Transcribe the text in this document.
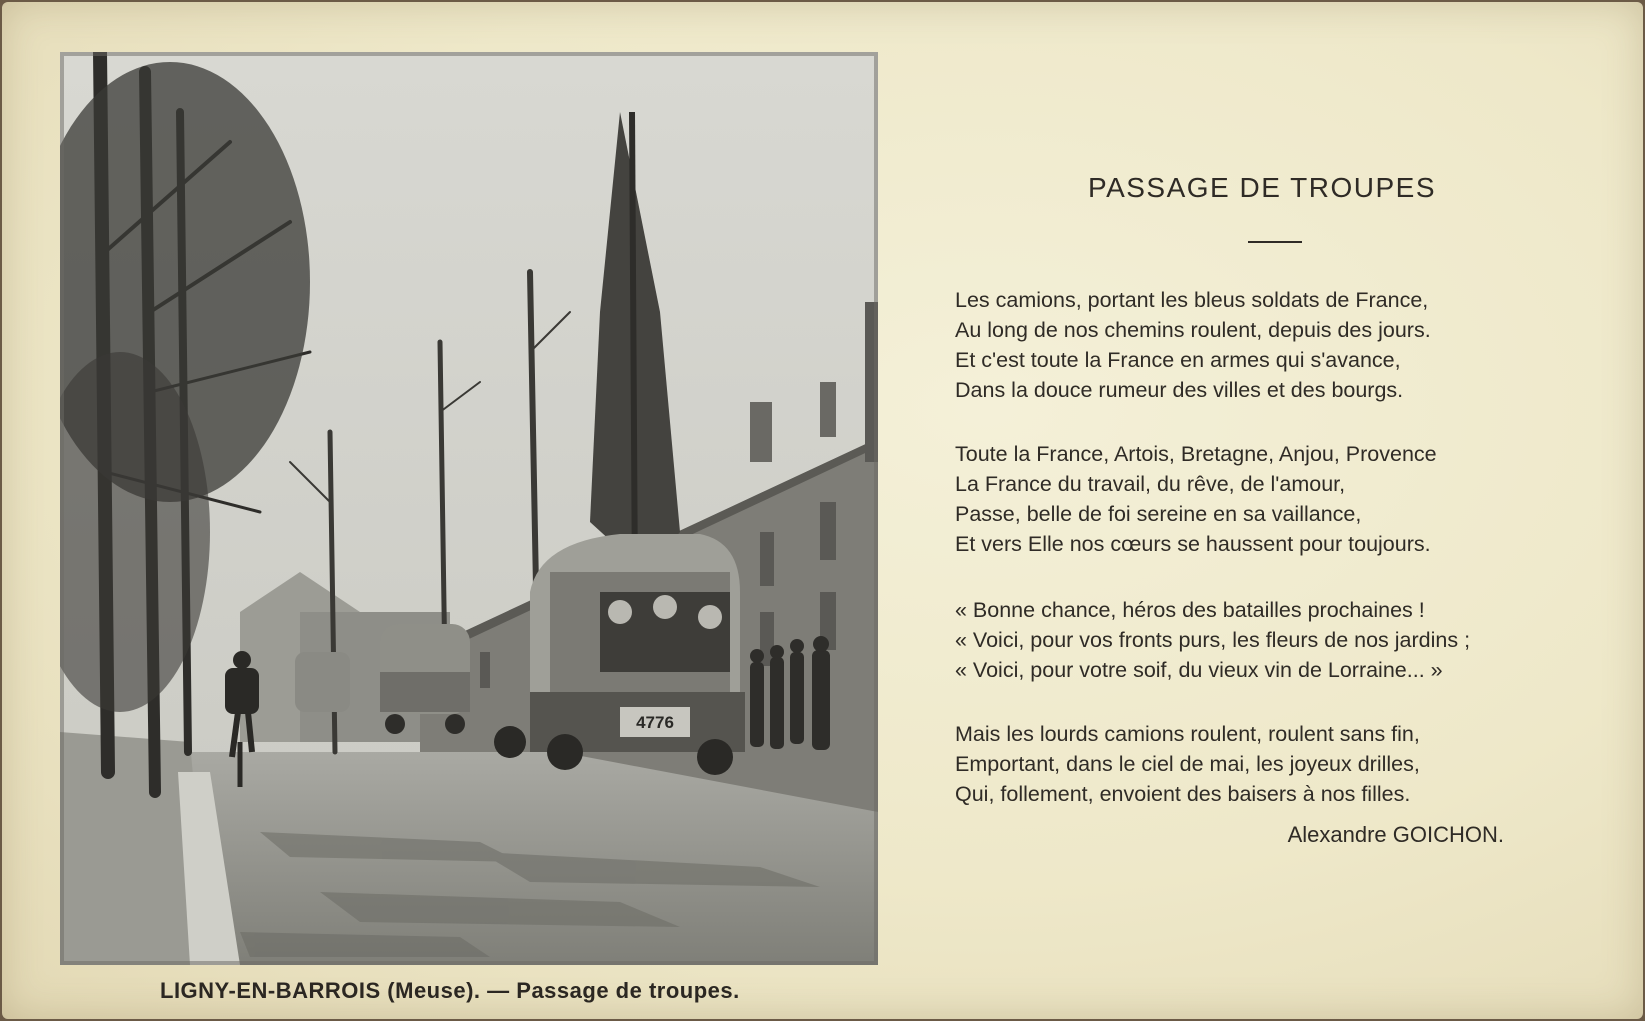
4776
LIGNY-EN-BARROIS (Meuse). — Passage de troupes.
PASSAGE DE TROUPES
Les camions, portant les bleus soldats de France,
Au long de nos chemins roulent, depuis des jours.
Et c'est toute la France en armes qui s'avance,
Dans la douce rumeur des villes et des bourgs.
Toute la France, Artois, Bretagne, Anjou, Provence
La France du travail, du rêve, de l'amour,
Passe, belle de foi sereine en sa vaillance,
Et vers Elle nos cœurs se haussent pour toujours.
« Bonne chance, héros des batailles prochaines !
« Voici, pour vos fronts purs, les fleurs de nos jardins ;
« Voici, pour votre soif, du vieux vin de Lorraine... »
Mais les lourds camions roulent, roulent sans fin,
Emportant, dans le ciel de mai, les joyeux drilles,
Qui, follement, envoient des baisers à nos filles.
Alexandre GOICHON.
